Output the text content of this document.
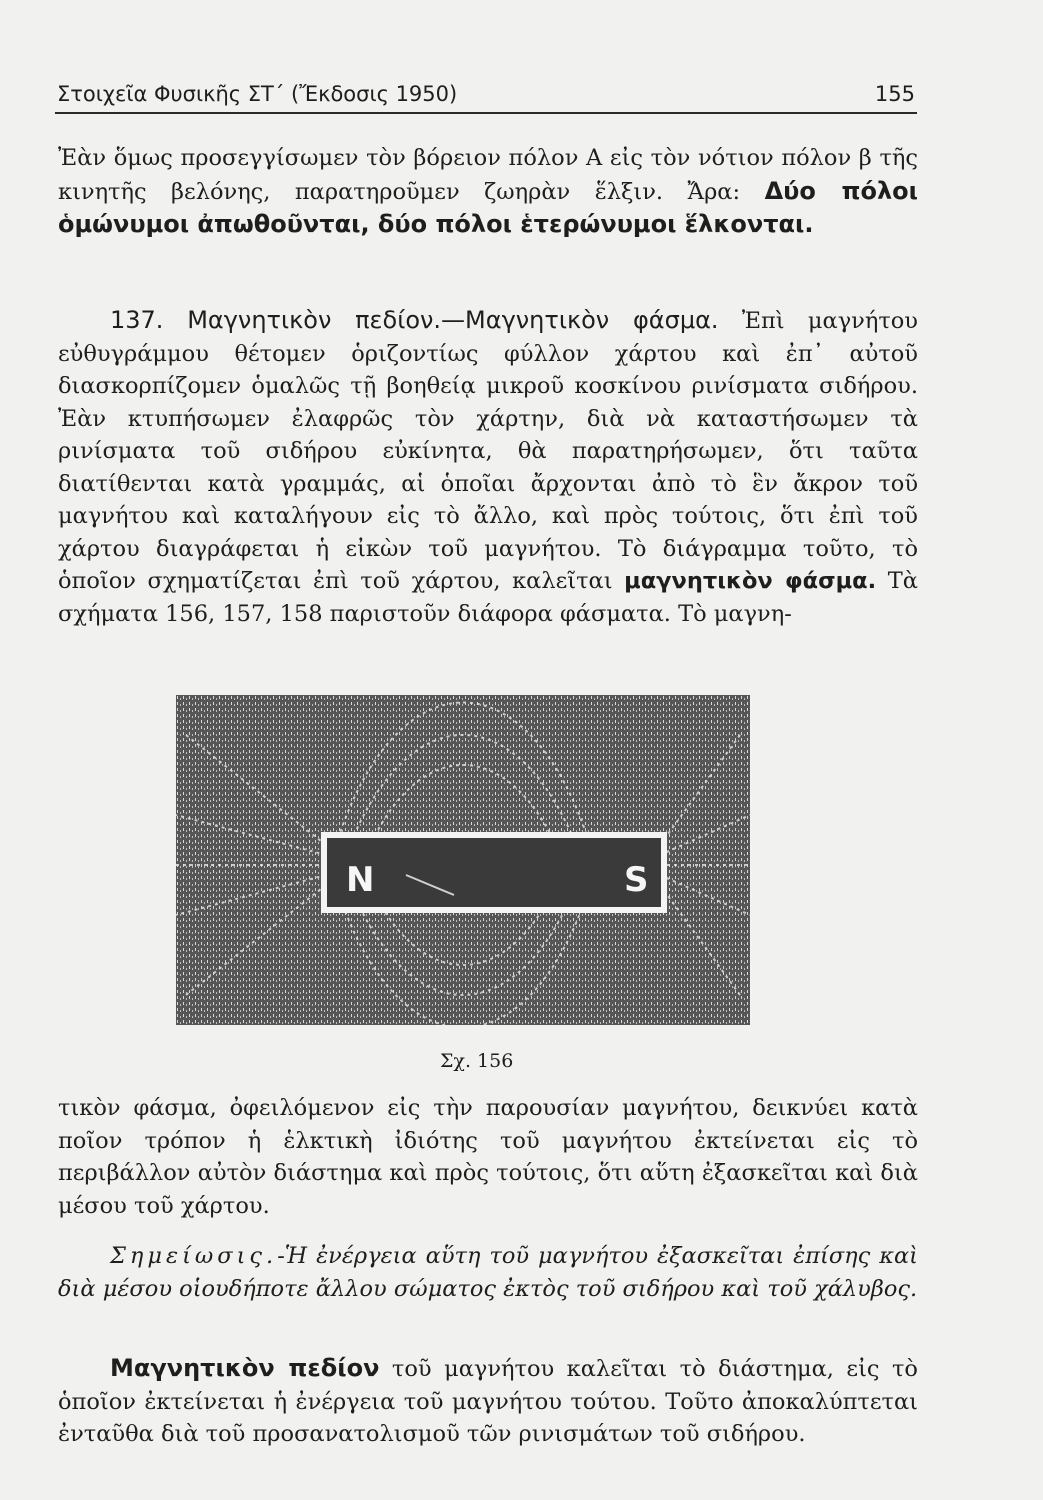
Στοιχεῖα Φυσικῆς ΣΤ΄ (Ἔκδοσις 1950)	155

Ἐὰν ὅμως προσεγγίσωμεν τὸν βόρειον πόλον Α εἰς τὸν νότιον πόλον β τῆς κινητῆς βελόνης, παρατηροῦμεν ζωηρὰν ἕλξιν. Ἄρα: Δύο πόλοι ὁμώνυμοι ἀπωθοῦνται, δύο πόλοι ἑτερώνυμοι ἕλκονται.

137. Μαγνητικὸν πεδίον.—Μαγνητικὸν φάσμα. Ἐπὶ μαγνήτου εὐθυγράμμου θέτομεν ὁριζοντίως φύλλον χάρτου καὶ ἐπ᾿ αὐτοῦ διασκορπίζομεν ὁμαλῶς τῇ βοηθείᾳ μικροῦ κοσκίνου ρινίσματα σιδήρου. Ἐὰν κτυπήσωμεν ἐλαφρῶς τὸν χάρτην, διὰ νὰ καταστήσωμεν τὰ ρινίσματα τοῦ σιδήρου εὐκίνητα, θὰ παρατηρήσωμεν, ὅτι ταῦτα διατίθενται κατὰ γραμμάς, αἱ ὁποῖαι ἄρχονται ἀπὸ τὸ ἓν ἄκρον τοῦ μαγνήτου καὶ καταλήγουν εἰς τὸ ἄλλο, καὶ πρὸς τούτοις, ὅτι ἐπὶ τοῦ χάρτου διαγράφεται ἡ εἰκὼν τοῦ μαγνήτου. Τὸ διάγραμμα τοῦτο, τὸ ὁποῖον σχηματίζεται ἐπὶ τοῦ χάρτου, καλεῖται μαγνητικὸν φάσμα. Τὰ σχήματα 156, 157, 158 παριστοῦν διάφορα φάσματα. Τὸ μαγνη-

N	S
Σχ. 156

τικὸν φάσμα, ὀφειλόμενον εἰς τὴν παρουσίαν μαγνήτου, δεικνύει κατὰ ποῖον τρόπον ἡ ἑλκτικὴ ἰδιότης τοῦ μαγνήτου ἐκτείνεται εἰς τὸ περιβάλλον αὐτὸν διάστημα καὶ πρὸς τούτοις, ὅτι αὕτη ἐξασκεῖται καὶ διὰ μέσου τοῦ χάρτου.

Σημείωσις.-Ἡ ἐνέργεια αὕτη τοῦ μαγνήτου ἐξασκεῖται ἐπίσης καὶ διὰ μέσου οἱουδήποτε ἄλλου σώματος ἐκτὸς τοῦ σιδήρου καὶ τοῦ χάλυβος.

Μαγνητικὸν πεδίον τοῦ μαγνήτου καλεῖται τὸ διάστημα, εἰς τὸ ὁποῖον ἐκτείνεται ἡ ἐνέργεια τοῦ μαγνήτου τούτου. Τοῦτο ἀποκαλύπτεται ἐνταῦθα διὰ τοῦ προσανατολισμοῦ τῶν ρινισμάτων τοῦ σιδήρου.
